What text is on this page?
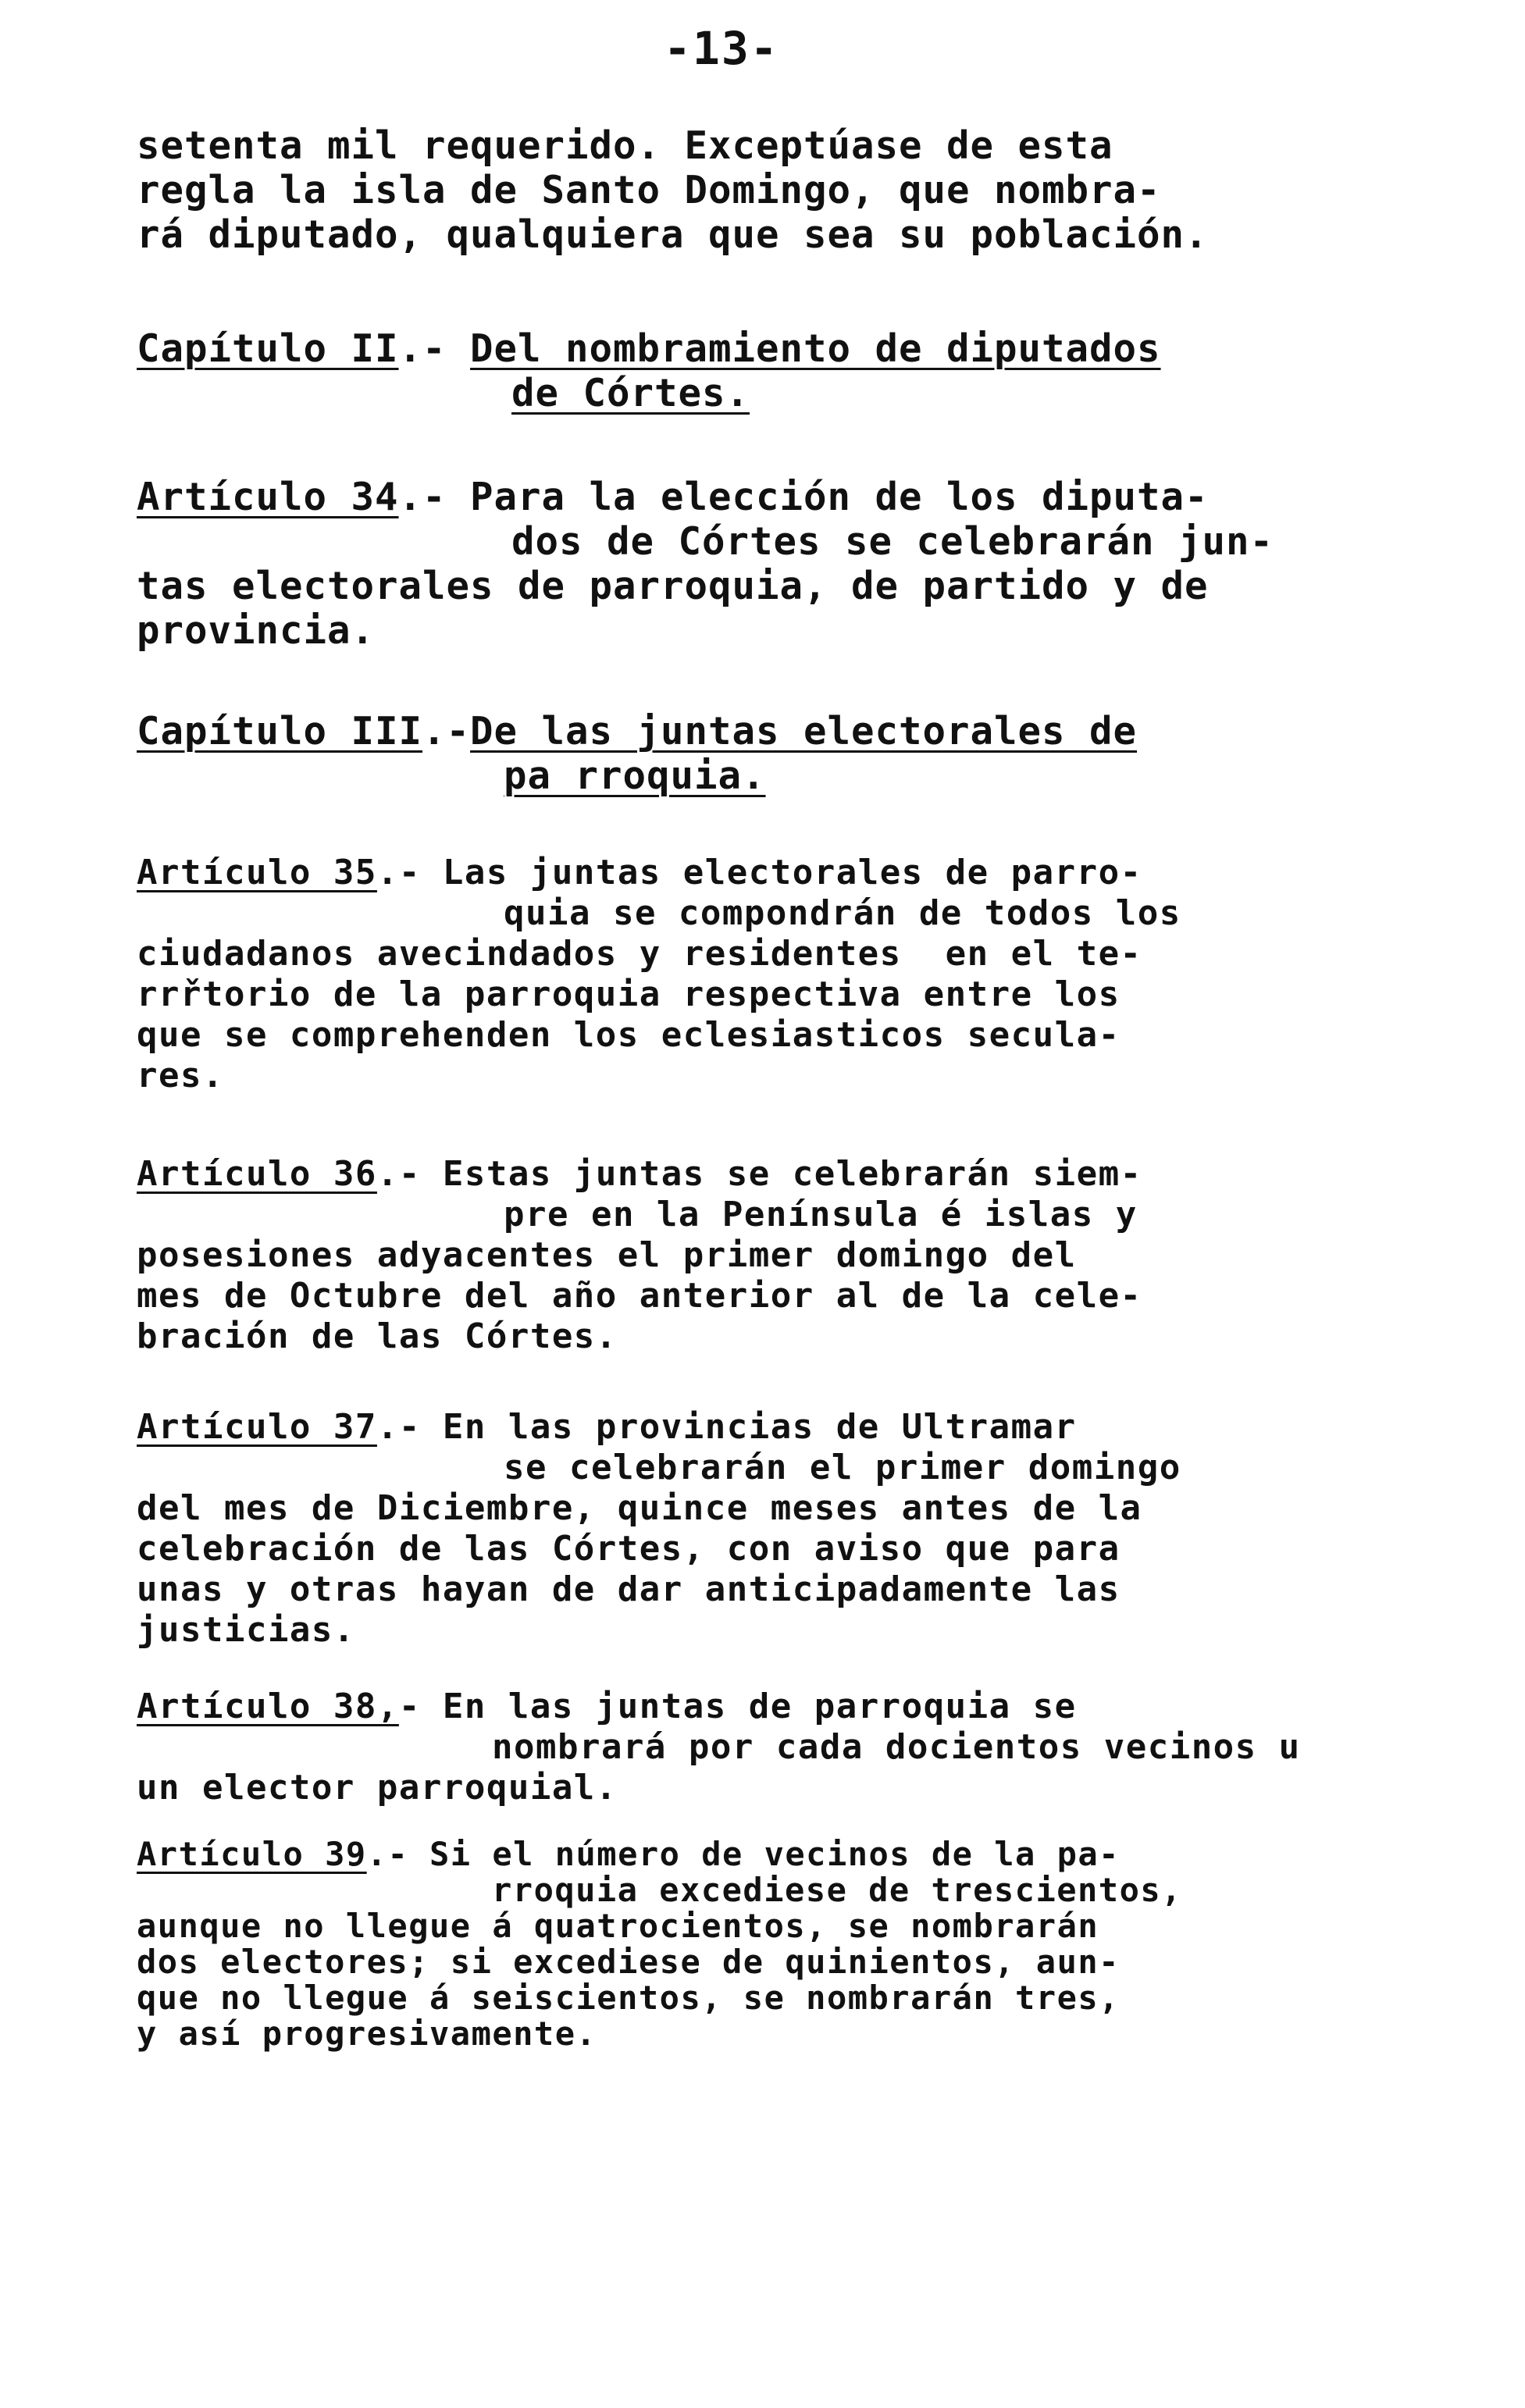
-13-
setenta mil requerido. Exceptúase de esta
regla la isla de Santo Domingo, que nombra-
rá diputado, qualquiera que sea su población.
Capítulo II.- Del nombramiento de diputados
de Córtes.
Artículo 34.- Para la elección de los diputa-
dos de Córtes se celebrarán jun-
tas electorales de parroquia, de partido y de
provincia.
Capítulo III.-De las juntas electorales de
pa rroquia.
Artículo 35.- Las juntas electorales de parro-
quia se compondrán de todos los
ciudadanos avecindados y residentes  en el te-
rrřtorio de la parroquia respectiva entre los
que se comprehenden los eclesiasticos secula-
res.
Artículo 36.- Estas juntas se celebrarán siem-
pre en la Península é islas y
posesiones adyacentes el primer domingo del
mes de Octubre del año anterior al de la cele-
bración de las Córtes.
Artículo 37.- En las provincias de Ultramar
se celebrarán el primer domingo
del mes de Diciembre, quince meses antes de la
celebración de las Córtes, con aviso que para
unas y otras hayan de dar anticipadamente las
justicias.
Artículo 38,- En las juntas de parroquia se
nombrará por cada docientos vecinos u
un elector parroquial.
Artículo 39.- Si el número de vecinos de la pa-
rroquia excediese de trescientos,
aunque no llegue á quatrocientos, se nombrarán
dos electores; si excediese de quinientos, aun-
que no llegue á seiscientos, se nombrarán tres,
y así progresivamente.
